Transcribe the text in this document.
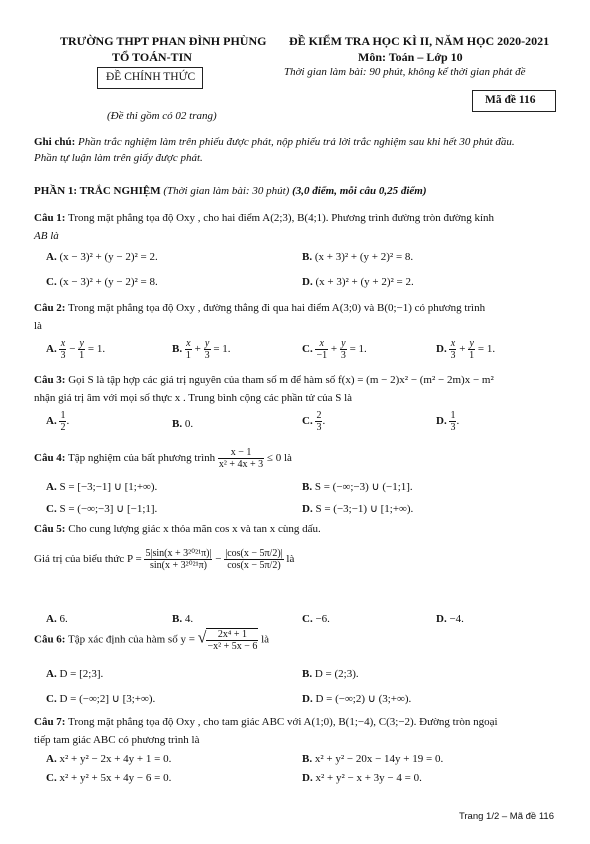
TRƯỜNG THPT PHAN ĐÌNH PHÙNG
TỔ TOÁN-TIN
ĐỀ CHÍNH THỨC
(Đề thi gồm có 02 trang)
ĐỀ KIỂM TRA HỌC KÌ II, NĂM HỌC 2020-2021
Môn: Toán – Lớp 10
Thời gian làm bài: 90 phút, không kể thời gian phát đề
Mã đề 116
Ghi chú: Phần trắc nghiệm làm trên phiếu được phát, nộp phiếu trả lời trắc nghiệm sau khi hết 30 phút đầu.
Phần tự luận làm trên giấy được phát.
PHẦN 1: TRẮC NGHIỆM (Thời gian làm bài: 30 phút) (3,0 điểm, mỗi câu 0,25 điểm)
Câu 1: Trong mặt phẳng tọa độ Oxy , cho hai điểm A(2;3), B(4;1). Phương trình đường tròn đường kính
AB là
A. (x − 3)² + (y − 2)² = 2.	B. (x + 3)² + (y + 2)² = 8.
C. (x − 3)² + (y − 2)² = 8.	D. (x + 3)² + (y + 2)² = 2.
Câu 2: Trong mặt phẳng tọa độ Oxy , đường thẳng đi qua hai điểm A(3;0) và B(0;−1) có phương trình
là
A. $\frac{x}{3} - \frac{y}{1} = 1$.	B. $\frac{x}{1} + \frac{y}{3} = 1$.	C. $\frac{x}{-1} + \frac{y}{3} = 1$.	D. $\frac{x}{3} + \frac{y}{1} = 1$.
Câu 3: Gọi S là tập hợp các giá trị nguyên của tham số m để hàm số f(x) = (m − 2)x² − (m² − 2m)x − m²
nhận giá trị âm với mọi số thực x . Trung bình cộng các phần tử của S là
A. $\frac{1}{2}$ .	B. 0.	C. $\frac{2}{3}$ .	D. $\frac{1}{3}$ .
Câu 4: Tập nghiệm của bất phương trình $\frac{x - 1}{\text{x² + 4x + 3}} \le 0$ là
A. S = [−3;−1] ∪ [1;+∞).	B. S = (−∞;−3) ∪ (−1;1].
C. S = (−∞;−3] ∪ [−1;1].	D. S = (−3;−1) ∪ [1;+∞).
Câu 5: Cho cung lượng giác x thỏa mãn cos x và tan x cùng dấu.
Giá trị của biểu thức $P = \frac{\text{5|sin(x + 3²⁰²¹π)|}}{\text{sin(x + 3²⁰²¹π)}} - \frac{|\cos(x - 5\pi/2)|}{\cos(x - 5\pi/2)}$ là
A. 6.	B. 4.	C. −6.	D. −4.
Câu 6: Tập xác định của hàm số y = √ $\frac{\text{2x⁴ + 1}}{\text{−x² + 5x − 6}}$ là
A. D = [2;3].	B. D = (2;3).
C. D = (−∞;2] ∪ [3;+∞).	D. D = (−∞;2) ∪ (3;+∞).
Câu 7: Trong mặt phẳng tọa độ Oxy , cho tam giác ABC với A(1;0), B(1;−4), C(3;−2). Đường tròn ngoại
tiếp tam giác ABC có phương trình là
A. x² + y² − 2x + 4y + 1 = 0.	B. x² + y² − 20x − 14y + 19 = 0.
C. x² + y² + 5x + 4y − 6 = 0.	D. x² + y² − x + 3y − 4 = 0.
Trang 1/2 – Mã đề 116
